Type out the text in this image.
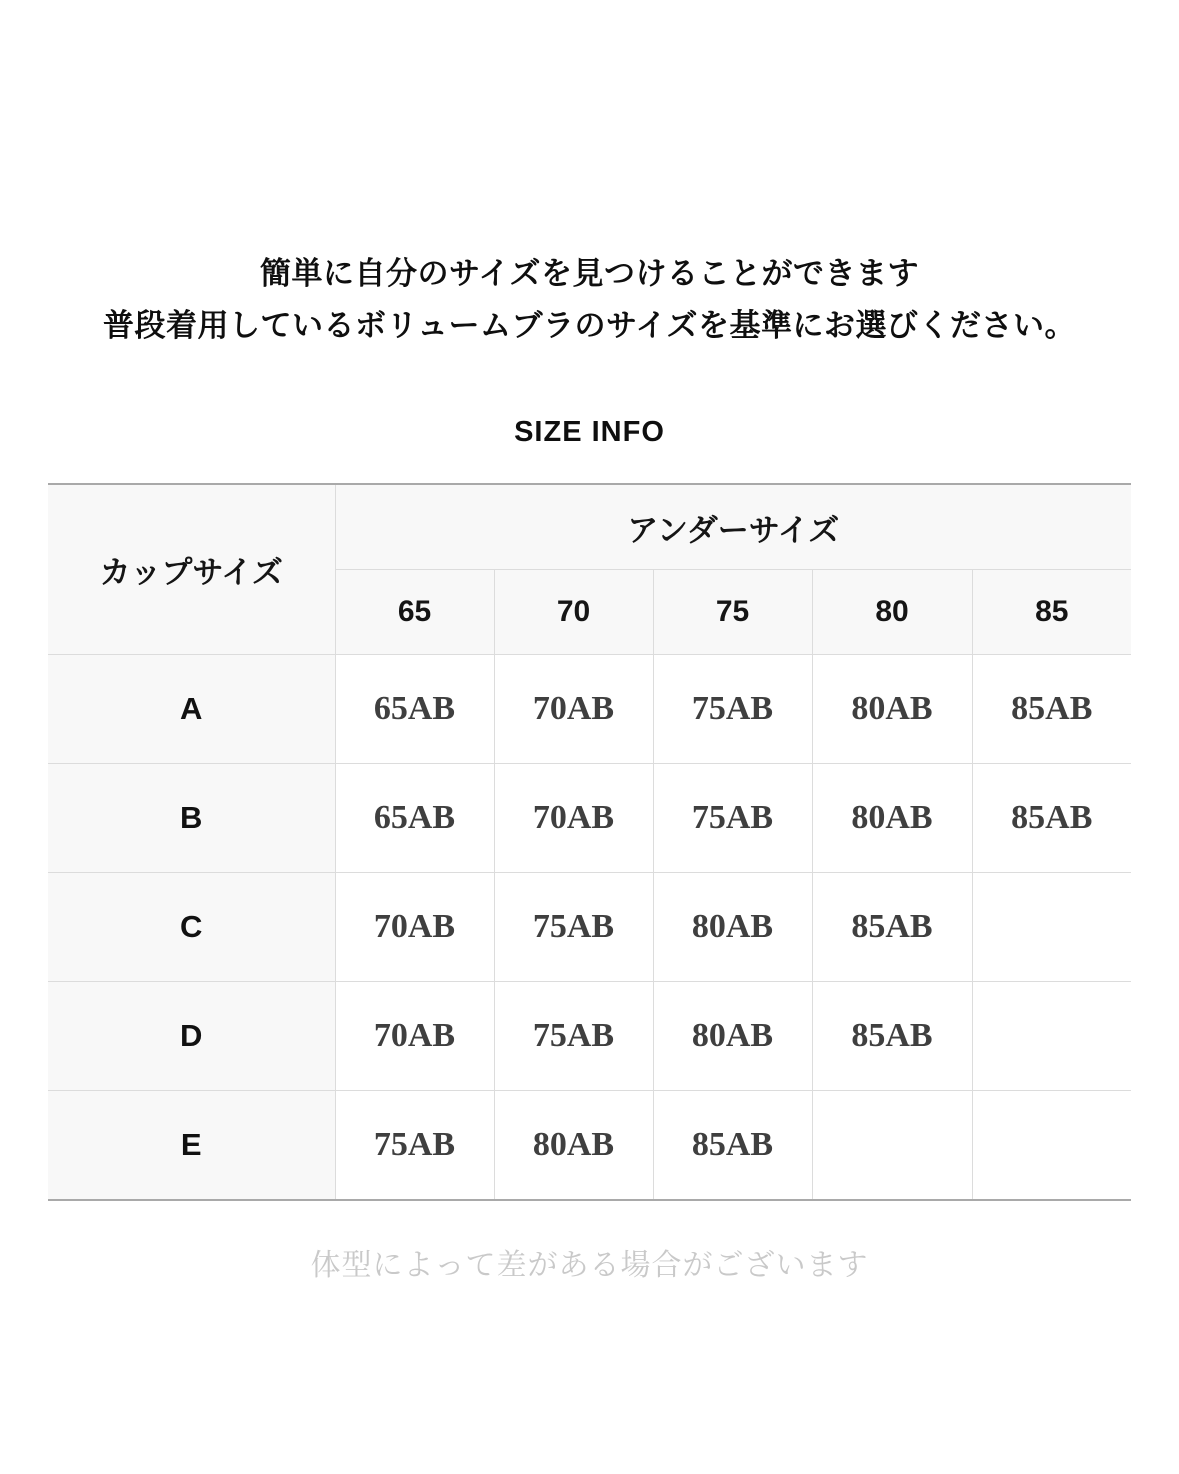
簡単に自分のサイズを見つけることができます
普段着用しているボリュームブラのサイズを基準にお選びください。
SIZE INFO
カップサイズ	アンダーサイズ				
	65	70	75	80	85
A	65AB	70AB	75AB	80AB	85AB
B	65AB	70AB	75AB	80AB	85AB
C	70AB	75AB	80AB	85AB	
D	70AB	75AB	80AB	85AB	
E	75AB	80AB	85AB		
体型によって差がある場合がございます
